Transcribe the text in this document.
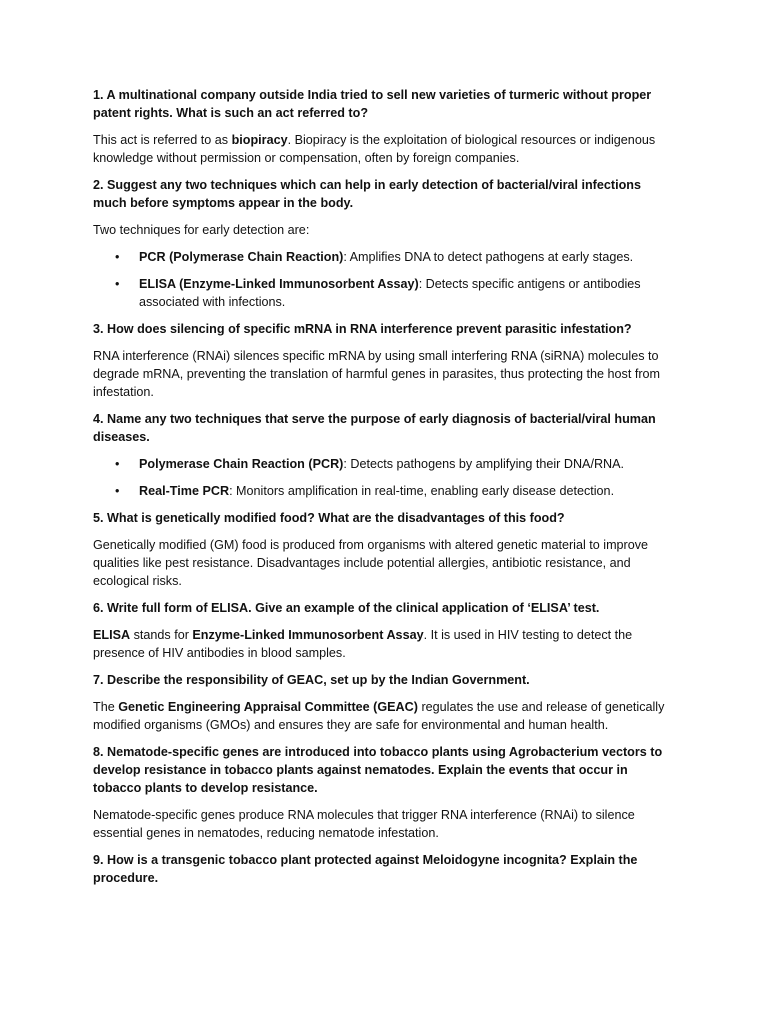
1. A multinational company outside India tried to sell new varieties of turmeric without proper patent rights. What is such an act referred to?

This act is referred to as biopiracy. Biopiracy is the exploitation of biological resources or indigenous knowledge without permission or compensation, often by foreign companies.

2. Suggest any two techniques which can help in early detection of bacterial/viral infections much before symptoms appear in the body.

Two techniques for early detection are:

• PCR (Polymerase Chain Reaction): Amplifies DNA to detect pathogens at early stages.
• ELISA (Enzyme-Linked Immunosorbent Assay): Detects specific antigens or antibodies associated with infections.

3. How does silencing of specific mRNA in RNA interference prevent parasitic infestation?

RNA interference (RNAi) silences specific mRNA by using small interfering RNA (siRNA) molecules to degrade mRNA, preventing the translation of harmful genes in parasites, thus protecting the host from infestation.

4. Name any two techniques that serve the purpose of early diagnosis of bacterial/viral human diseases.

• Polymerase Chain Reaction (PCR): Detects pathogens by amplifying their DNA/RNA.
• Real-Time PCR: Monitors amplification in real-time, enabling early disease detection.

5. What is genetically modified food? What are the disadvantages of this food?

Genetically modified (GM) food is produced from organisms with altered genetic material to improve qualities like pest resistance. Disadvantages include potential allergies, antibiotic resistance, and ecological risks.

6. Write full form of ELISA. Give an example of the clinical application of ‘ELISA’ test.

ELISA stands for Enzyme-Linked Immunosorbent Assay. It is used in HIV testing to detect the presence of HIV antibodies in blood samples.

7. Describe the responsibility of GEAC, set up by the Indian Government.

The Genetic Engineering Appraisal Committee (GEAC) regulates the use and release of genetically modified organisms (GMOs) and ensures they are safe for environmental and human health.

8. Nematode-specific genes are introduced into tobacco plants using Agrobacterium vectors to develop resistance in tobacco plants against nematodes. Explain the events that occur in tobacco plants to develop resistance.

Nematode-specific genes produce RNA molecules that trigger RNA interference (RNAi) to silence essential genes in nematodes, reducing nematode infestation.

9. How is a transgenic tobacco plant protected against Meloidogyne incognita? Explain the procedure.
